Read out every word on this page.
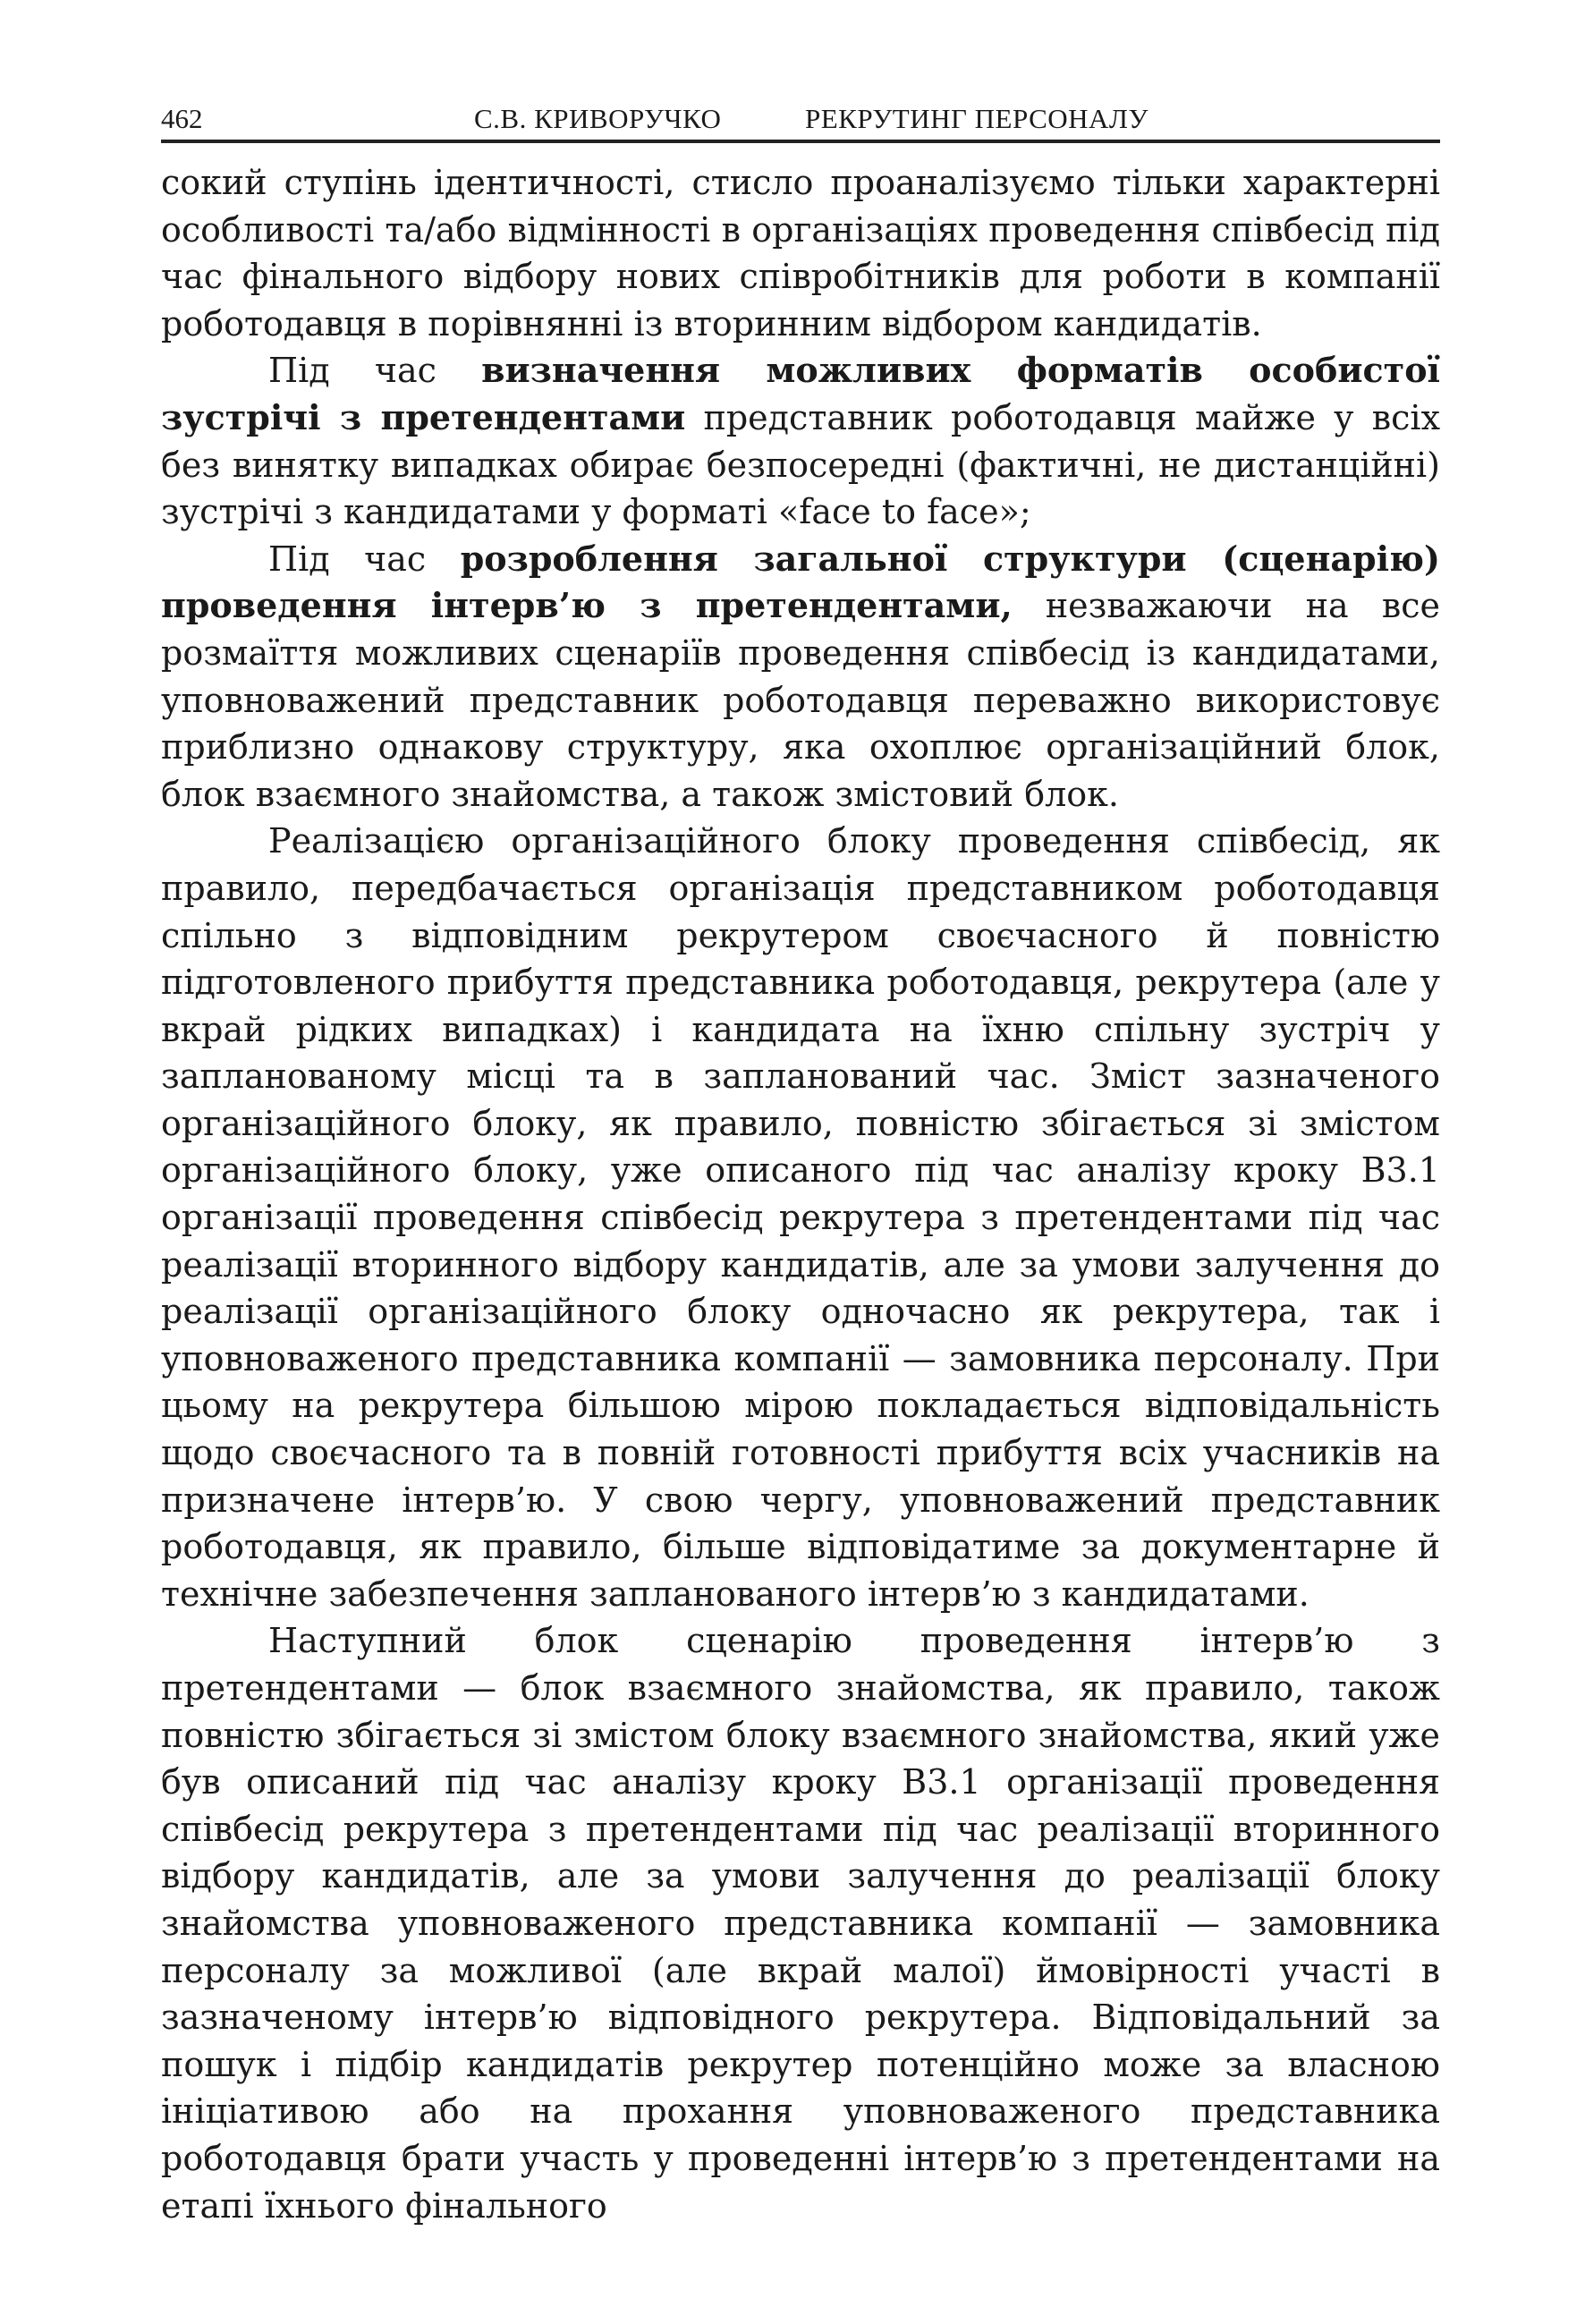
462	С.В. КРИВОРУЧКО	РЕКРУТИНГ ПЕРСОНАЛУ

сокий ступінь ідентичності, стисло проаналізуємо тільки характерні особливості та/або відмінності в організаціях проведення співбесід під час фінального відбору нових співробітників для роботи в компанії роботодавця в порівнянні із вторинним відбором кандидатів.

Під час визначення можливих форматів особистої зустрічі з претендентами представник роботодавця майже у всіх без винятку випадках обирає безпосередні (фактичні, не дистанційні) зустрічі з кандидатами у форматі «face to face»;

Під час розроблення загальної структури (сценарію) проведення інтерв’ю з претендентами, незважаючи на все розмаїття можливих сценаріїв проведення співбесід із кандидатами, уповноважений представник роботодавця переважно використовує приблизно однакову структуру, яка охоплює організаційний блок, блок взаємного знайомства, а також змістовий блок.

Реалізацією організаційного блоку проведення співбесід, як правило, передбачається організація представником роботодавця спільно з відповідним рекрутером своєчасного й повністю підготовленого прибуття представника роботодавця, рекрутера (але у вкрай рідких випадках) і кандидата на їхню спільну зустріч у запланованому місці та в запланований час. Зміст зазначеного організаційного блоку, як правило, повністю збігається зі змістом організаційного блоку, уже описаного під час аналізу кроку В3.1 організації проведення співбесід рекрутера з претендентами під час реалізації вторинного відбору кандидатів, але за умови залучення до реалізації організаційного блоку одночасно як рекрутера, так і уповноваженого представника компанії — замовника персоналу. При цьому на рекрутера більшою мірою покладається відповідальність щодо своєчасного та в повній готовності прибуття всіх учасників на призначене інтерв’ю. У свою чергу, уповноважений представник роботодавця, як правило, більше відповідатиме за документарне й технічне забезпечення запланованого інтерв’ю з кандидатами.

Наступний блок сценарію проведення інтерв’ю з претендентами — блок взаємного знайомства, як правило, також повністю збігається зі змістом блоку взаємного знайомства, який уже був описаний під час аналізу кроку В3.1 організації проведення співбесід рекрутера з претендентами під час реалізації вторинного відбору кандидатів, але за умови залучення до реалізації блоку знайомства уповноваженого представника компанії — замовника персоналу за можливої (але вкрай малої) ймовірності участі в зазначеному інтерв’ю відповідного рекрутера. Відповідальний за пошук і підбір кандидатів рекрутер потенційно може за власною ініціативою або на прохання уповноваженого представника роботодавця брати участь у проведенні інтерв’ю з претендентами на етапі їхнього фінального
